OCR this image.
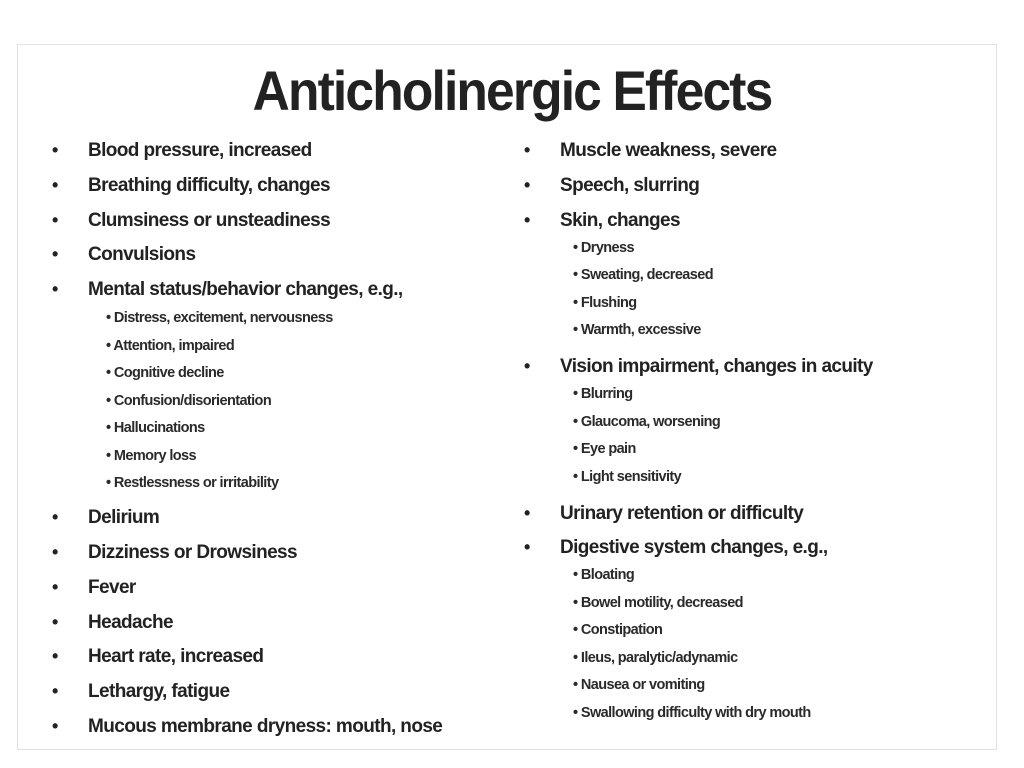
Anticholinergic Effects
• Blood pressure, increased
• Breathing difficulty, changes
• Clumsiness or unsteadiness
• Convulsions
• Mental status/behavior changes, e.g.,
• Distress, excitement, nervousness
• Attention, impaired
• Cognitive decline
• Confusion/disorientation
• Hallucinations
• Memory loss
• Restlessness or irritability
• Delirium
• Dizziness or Drowsiness
• Fever
• Headache
• Heart rate, increased
• Lethargy, fatigue
• Mucous membrane dryness: mouth, nose
• Muscle weakness, severe
• Speech, slurring
• Skin, changes
• Dryness
• Sweating, decreased
• Flushing
• Warmth, excessive
• Vision impairment, changes in acuity
• Blurring
• Glaucoma, worsening
• Eye pain
• Light sensitivity
• Urinary retention or difficulty
• Digestive system changes, e.g.,
• Bloating
• Bowel motility, decreased
• Constipation
• Ileus, paralytic/adynamic
• Nausea or vomiting
• Swallowing difficulty with dry mouth
